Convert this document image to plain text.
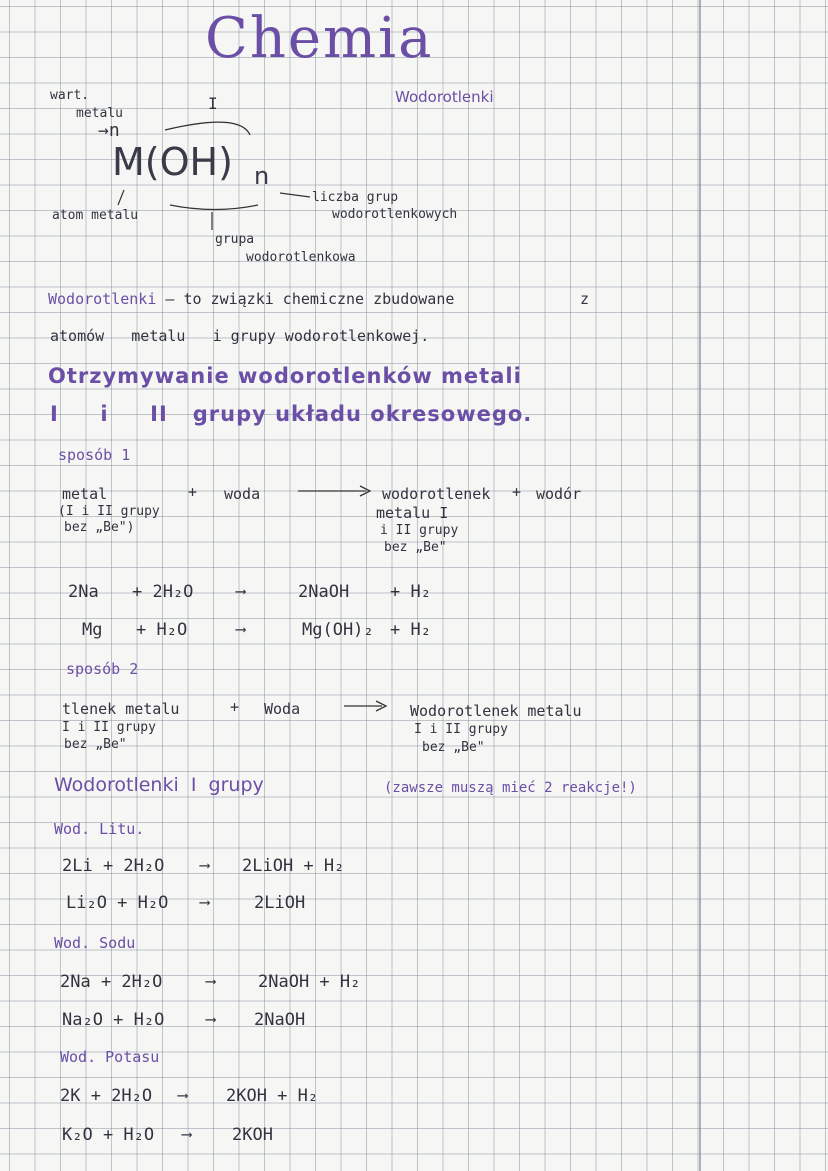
Chemia
Wodorotlenki
wart.
metalu
→n
I
M(OH) n
atom metalu
grupa
wodorotlenkowa
liczba grup
wodorotlenkowych
Wodorotlenki – to związki chemiczne zbudowane	z
atomów metalu i grupy wodorotlenkowej.
Otrzymywanie wodorotlenków metali
I i II grupy układu okresowego.
sposób 1
metal
(I i II grupy
bez „Be")
+ woda	wodorotlenek
metalu I
i II grupy
bez „Be"
+ wodór
2Na + 2H₂O	⟶	2NaOH + H₂
Mg + H₂O	⟶	Mg(OH)₂ + H₂
sposób 2
tlenek metalu
I i II grupy
bez „Be"
+ Woda	Wodorotlenek metalu
I i II grupy
bez „Be"
Wodorotlenki I grupy	(zawsze muszą mieć 2 reakcje!)
Wod. Litu.
2Li + 2H₂O ⟶ 2LiOH + H₂
Li₂O + H₂O ⟶	2LiOH
Wod. Sodu
2Na + 2H₂O	⟶	2NaOH + H₂
Na₂O + H₂O	⟶ 2NaOH
Wod. Potasu
2K + 2H₂O ⟶ 2KOH + H₂
K₂O + H₂O ⟶ 2KOH
